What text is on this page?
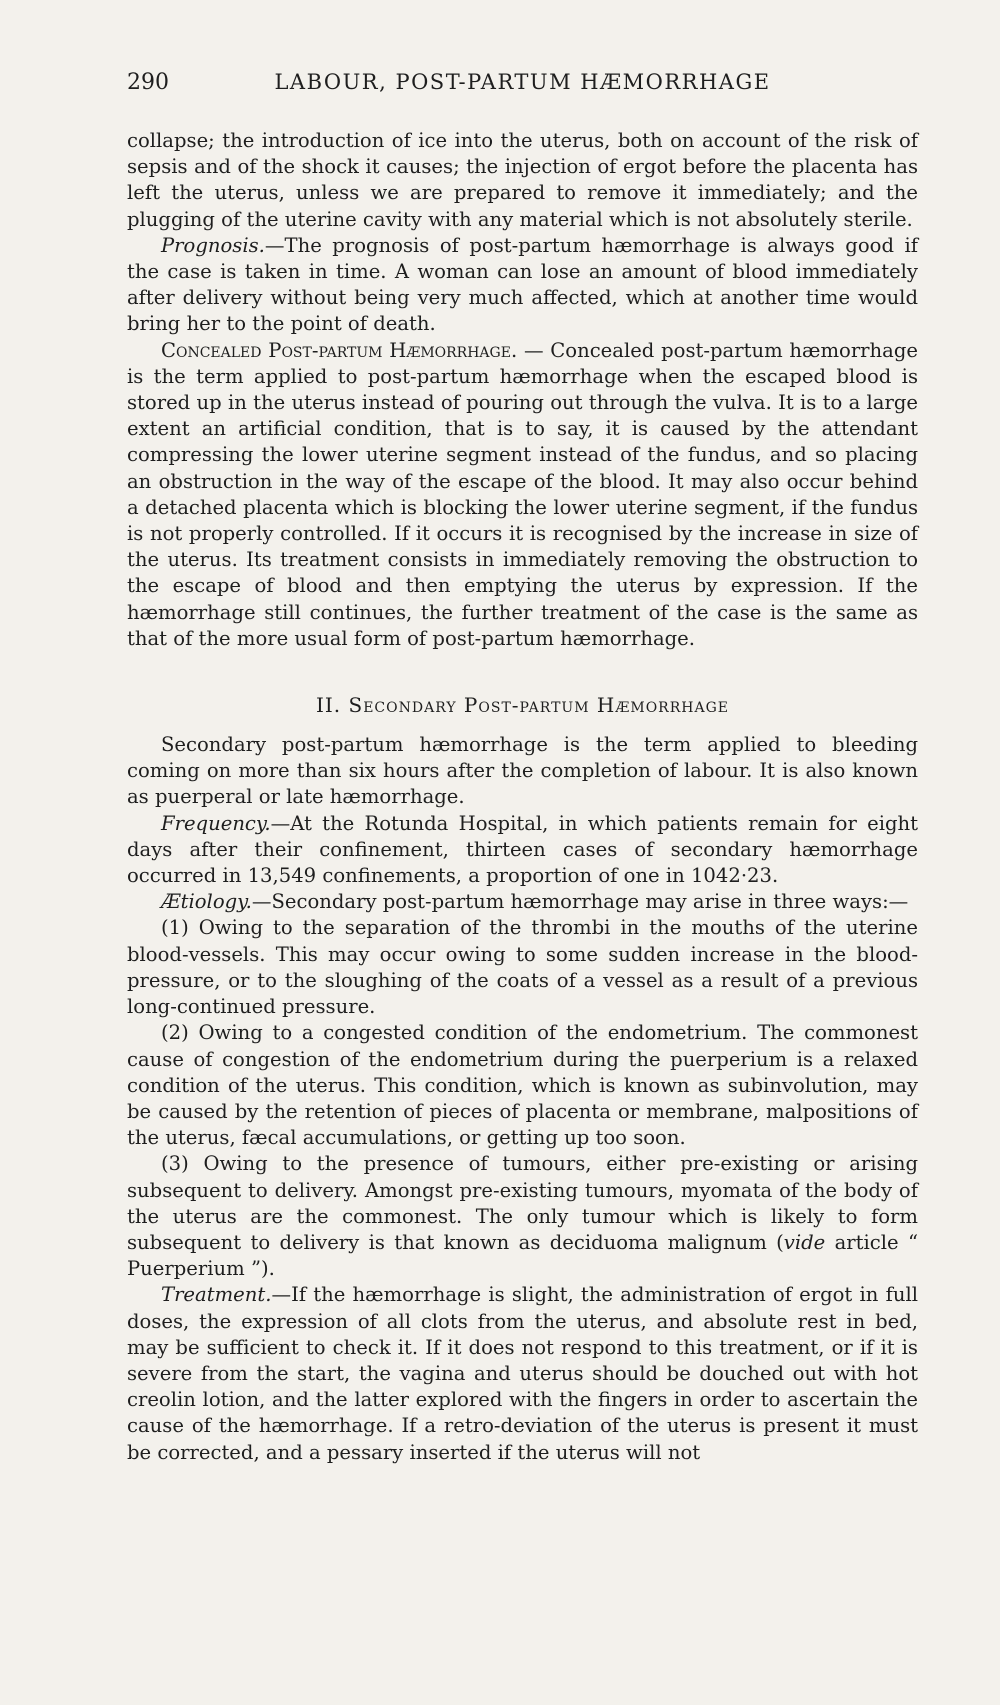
290	LABOUR, POST-PARTUM HÆMORRHAGE

collapse; the introduction of ice into the uterus, both on account of the risk of sepsis and of the shock it causes; the injection of ergot before the placenta has left the uterus, unless we are prepared to remove it immediately; and the plugging of the uterine cavity with any material which is not absolutely sterile.

Prognosis.—The prognosis of post-partum hæmorrhage is always good if the case is taken in time. A woman can lose an amount of blood immediately after delivery without being very much affected, which at another time would bring her to the point of death.

Concealed Post-partum Hæmorrhage. — Concealed post-partum hæmorrhage is the term applied to post-partum hæmorrhage when the escaped blood is stored up in the uterus instead of pouring out through the vulva. It is to a large extent an artificial condition, that is to say, it is caused by the attendant compressing the lower uterine segment instead of the fundus, and so placing an obstruction in the way of the escape of the blood. It may also occur behind a detached placenta which is blocking the lower uterine segment, if the fundus is not properly controlled. If it occurs it is recognised by the increase in size of the uterus. Its treatment consists in immediately removing the obstruction to the escape of blood and then emptying the uterus by expression. If the hæmorrhage still continues, the further treatment of the case is the same as that of the more usual form of post-partum hæmorrhage.

II. Secondary Post-partum Hæmorrhage

Secondary post-partum hæmorrhage is the term applied to bleeding coming on more than six hours after the completion of labour. It is also known as puerperal or late hæmorrhage.

Frequency.—At the Rotunda Hospital, in which patients remain for eight days after their confinement, thirteen cases of secondary hæmorrhage occurred in 13,549 confinements, a proportion of one in 1042·23.

Ætiology.—Secondary post-partum hæmorrhage may arise in three ways:—

(1) Owing to the separation of the thrombi in the mouths of the uterine blood-vessels. This may occur owing to some sudden increase in the blood-pressure, or to the sloughing of the coats of a vessel as a result of a previous long-continued pressure.

(2) Owing to a congested condition of the endometrium. The commonest cause of congestion of the endometrium during the puerperium is a relaxed condition of the uterus. This condition, which is known as subinvolution, may be caused by the retention of pieces of placenta or membrane, malpositions of the uterus, fæcal accumulations, or getting up too soon.

(3) Owing to the presence of tumours, either pre-existing or arising subsequent to delivery. Amongst pre-existing tumours, myomata of the body of the uterus are the commonest. The only tumour which is likely to form subsequent to delivery is that known as deciduoma malignum (vide article “ Puerperium ”).

Treatment.—If the hæmorrhage is slight, the administration of ergot in full doses, the expression of all clots from the uterus, and absolute rest in bed, may be sufficient to check it. If it does not respond to this treatment, or if it is severe from the start, the vagina and uterus should be douched out with hot creolin lotion, and the latter explored with the fingers in order to ascertain the cause of the hæmorrhage. If a retro-deviation of the uterus is present it must be corrected, and a pessary inserted if the uterus will not
